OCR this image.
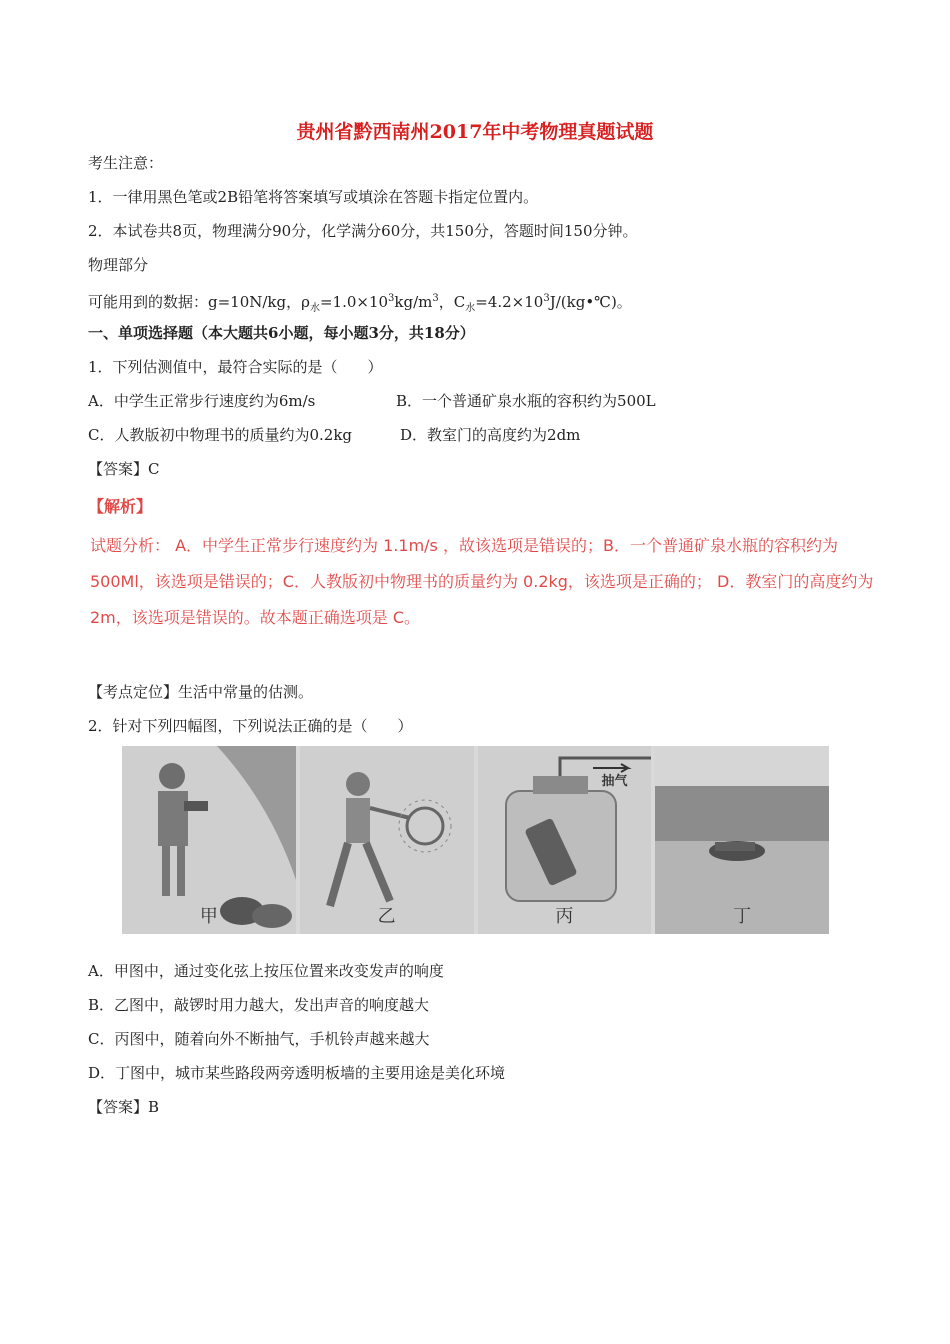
贵州省黔西南州2017年中考物理真题试题
考生注意：
1．一律用黑色笔或2B铅笔将答案填写或填涂在答题卡指定位置内。
2．本试卷共8页，物理满分90分，化学满分60分，共150分，答题时间150分钟。
物理部分
可能用到的数据：g=10N/kg，$\rho_水=1.0\times 10^3kg/m^3$，$C_水=4.2\times 10^3J/(kg•℃)$。
一、单项选择题（本大题共6小题，每小题3分，共18分）
1．下列估测值中，最符合实际的是（　　）
A．中学生正常步行速度约为6m/s	B．一个普通矿泉水瓶的容积约为500L
C．人教版初中物理书的质量约为0.2kg	D．教室门的高度约为2dm
【答案】C
【解析】
试题分析： A．中学生正常步行速度约为 1.1m/s ，故该选项是错误的；B．一个普通矿泉水瓶的容积约为500Ml，该选项是错误的；C．人教版初中物理书的质量约为 0.2kg，该选项是正确的； D．教室门的高度约为 2m，该选项是错误的。故本题正确选项是 C。
【考点定位】生活中常量的估测。
2．针对下列四幅图，下列说法正确的是（　　）
甲	乙
抽气
丙	丁
A．甲图中，通过变化弦上按压位置来改变发声的响度
B．乙图中，敲锣时用力越大，发出声音的响度越大
C．丙图中，随着向外不断抽气，手机铃声越来越大
D．丁图中，城市某些路段两旁透明板墙的主要用途是美化环境
【答案】B
